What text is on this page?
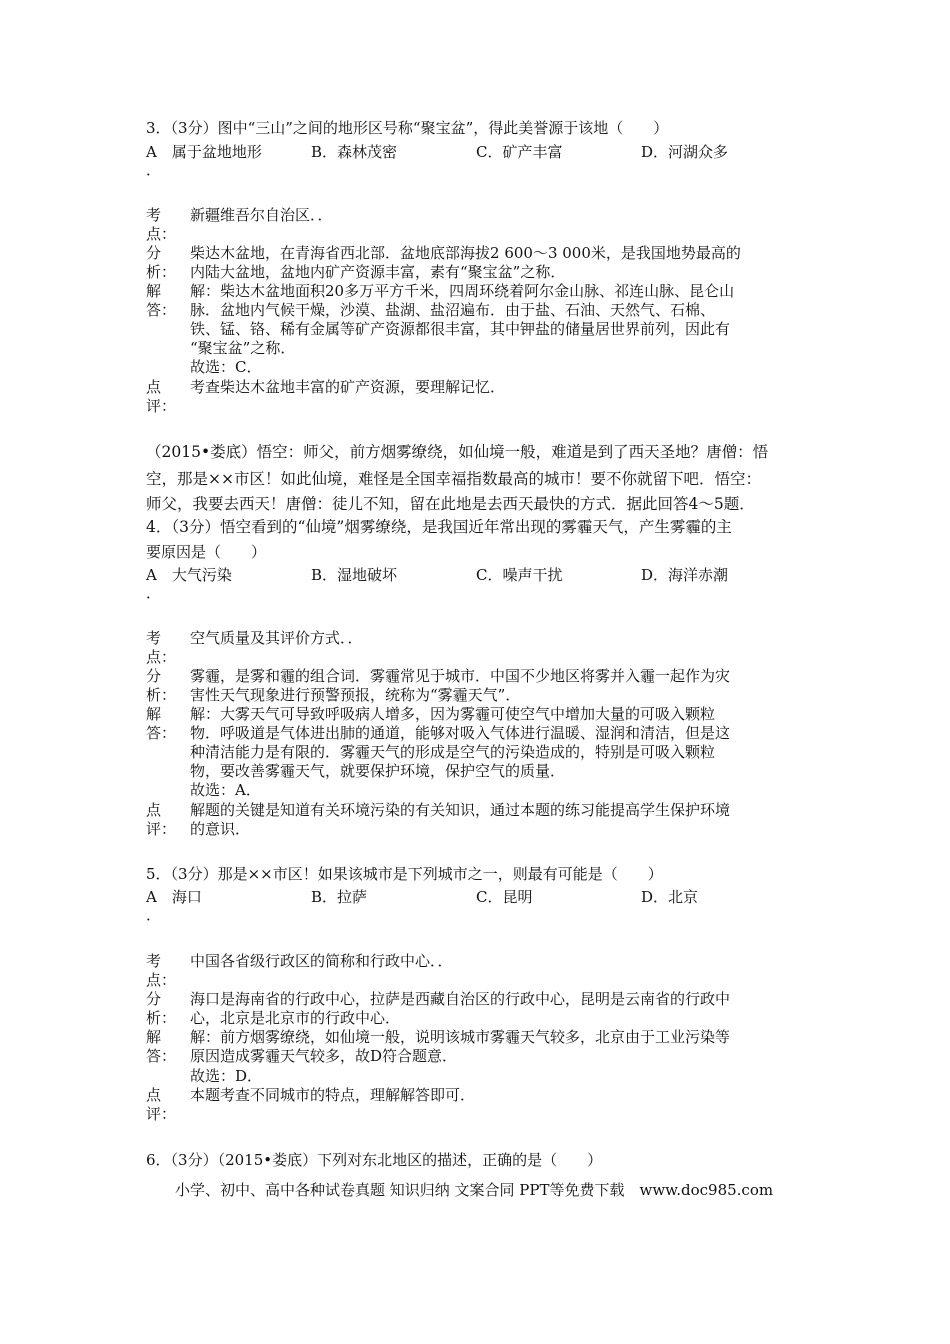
3．（3分）图中“三山”之间的地形区号称“聚宝盆”，得此美誉源于该地（　　）
A　属于盆地地形	B．森林茂密	C．矿产丰富	D．河湖众多
．
考
点：
新疆维吾尔自治区．．
分
析：
柴达木盆地，在青海省西北部．盆地底部海拔2 600～3 000米，是我国地势最高的
内陆大盆地，盆地内矿产资源丰富，素有“聚宝盆”之称．
解
答：
解：柴达木盆地面积20多万平方千米，四周环绕着阿尔金山脉、祁连山脉、昆仑山
脉．盆地内气候干燥，沙漠、盐湖、盐沼遍布．由于盐、石油、天然气、石棉、
铁、锰、铬、稀有金属等矿产资源都很丰富，其中钾盐的储量居世界前列，因此有
“聚宝盆”之称．
故选：C．
点
评：
考查柴达木盆地丰富的矿产资源，要理解记忆．
（2015•娄底）悟空：师父，前方烟雾缭绕，如仙境一般，难道是到了西天圣地？唐僧：悟
空，那是××市区！如此仙境，难怪是全国幸福指数最高的城市！要不你就留下吧．悟空：
师父，我要去西天！唐僧：徒儿不知，留在此地是去西天最快的方式．据此回答4～5题．
4．（3分）悟空看到的“仙境”烟雾缭绕，是我国近年常出现的雾霾天气，产生雾霾的主
要原因是（　　）
A　大气污染	B．湿地破坏	C．噪声干扰	D．海洋赤潮
．
考
点：
空气质量及其评价方式．．
分
析：
雾霾，是雾和霾的组合词．雾霾常见于城市．中国不少地区将雾并入霾一起作为灾
害性天气现象进行预警预报，统称为“雾霾天气”．
解
答：
解：大雾天气可导致呼吸病人增多，因为雾霾可使空气中增加大量的可吸入颗粒
物．呼吸道是气体进出肺的通道，能够对吸入气体进行温暖、湿润和清洁，但是这
种清洁能力是有限的．雾霾天气的形成是空气的污染造成的，特别是可吸入颗粒
物，要改善雾霾天气，就要保护环境，保护空气的质量．
故选：A．
点
评：
解题的关键是知道有关环境污染的有关知识，通过本题的练习能提高学生保护环境
的意识．
5．（3分）那是××市区！如果该城市是下列城市之一，则最有可能是（　　）
A　海口	B．拉萨	C．昆明	D．北京
．
考
点：
中国各省级行政区的简称和行政中心．．
分
析：
海口是海南省的行政中心，拉萨是西藏自治区的行政中心，昆明是云南省的行政中
心，北京是北京市的行政中心．
解
答：
解：前方烟雾缭绕，如仙境一般，说明该城市雾霾天气较多，北京由于工业污染等
原因造成雾霾天气较多，故D符合题意．
故选：D．
点
评：
本题考查不同城市的特点，理解解答即可．
6．（3分）（2015•娄底）下列对东北地区的描述，正确的是（　　）
小学、初中、高中各种试卷真题 知识归纳 文案合同 PPT等免费下载　www.doc985.com
